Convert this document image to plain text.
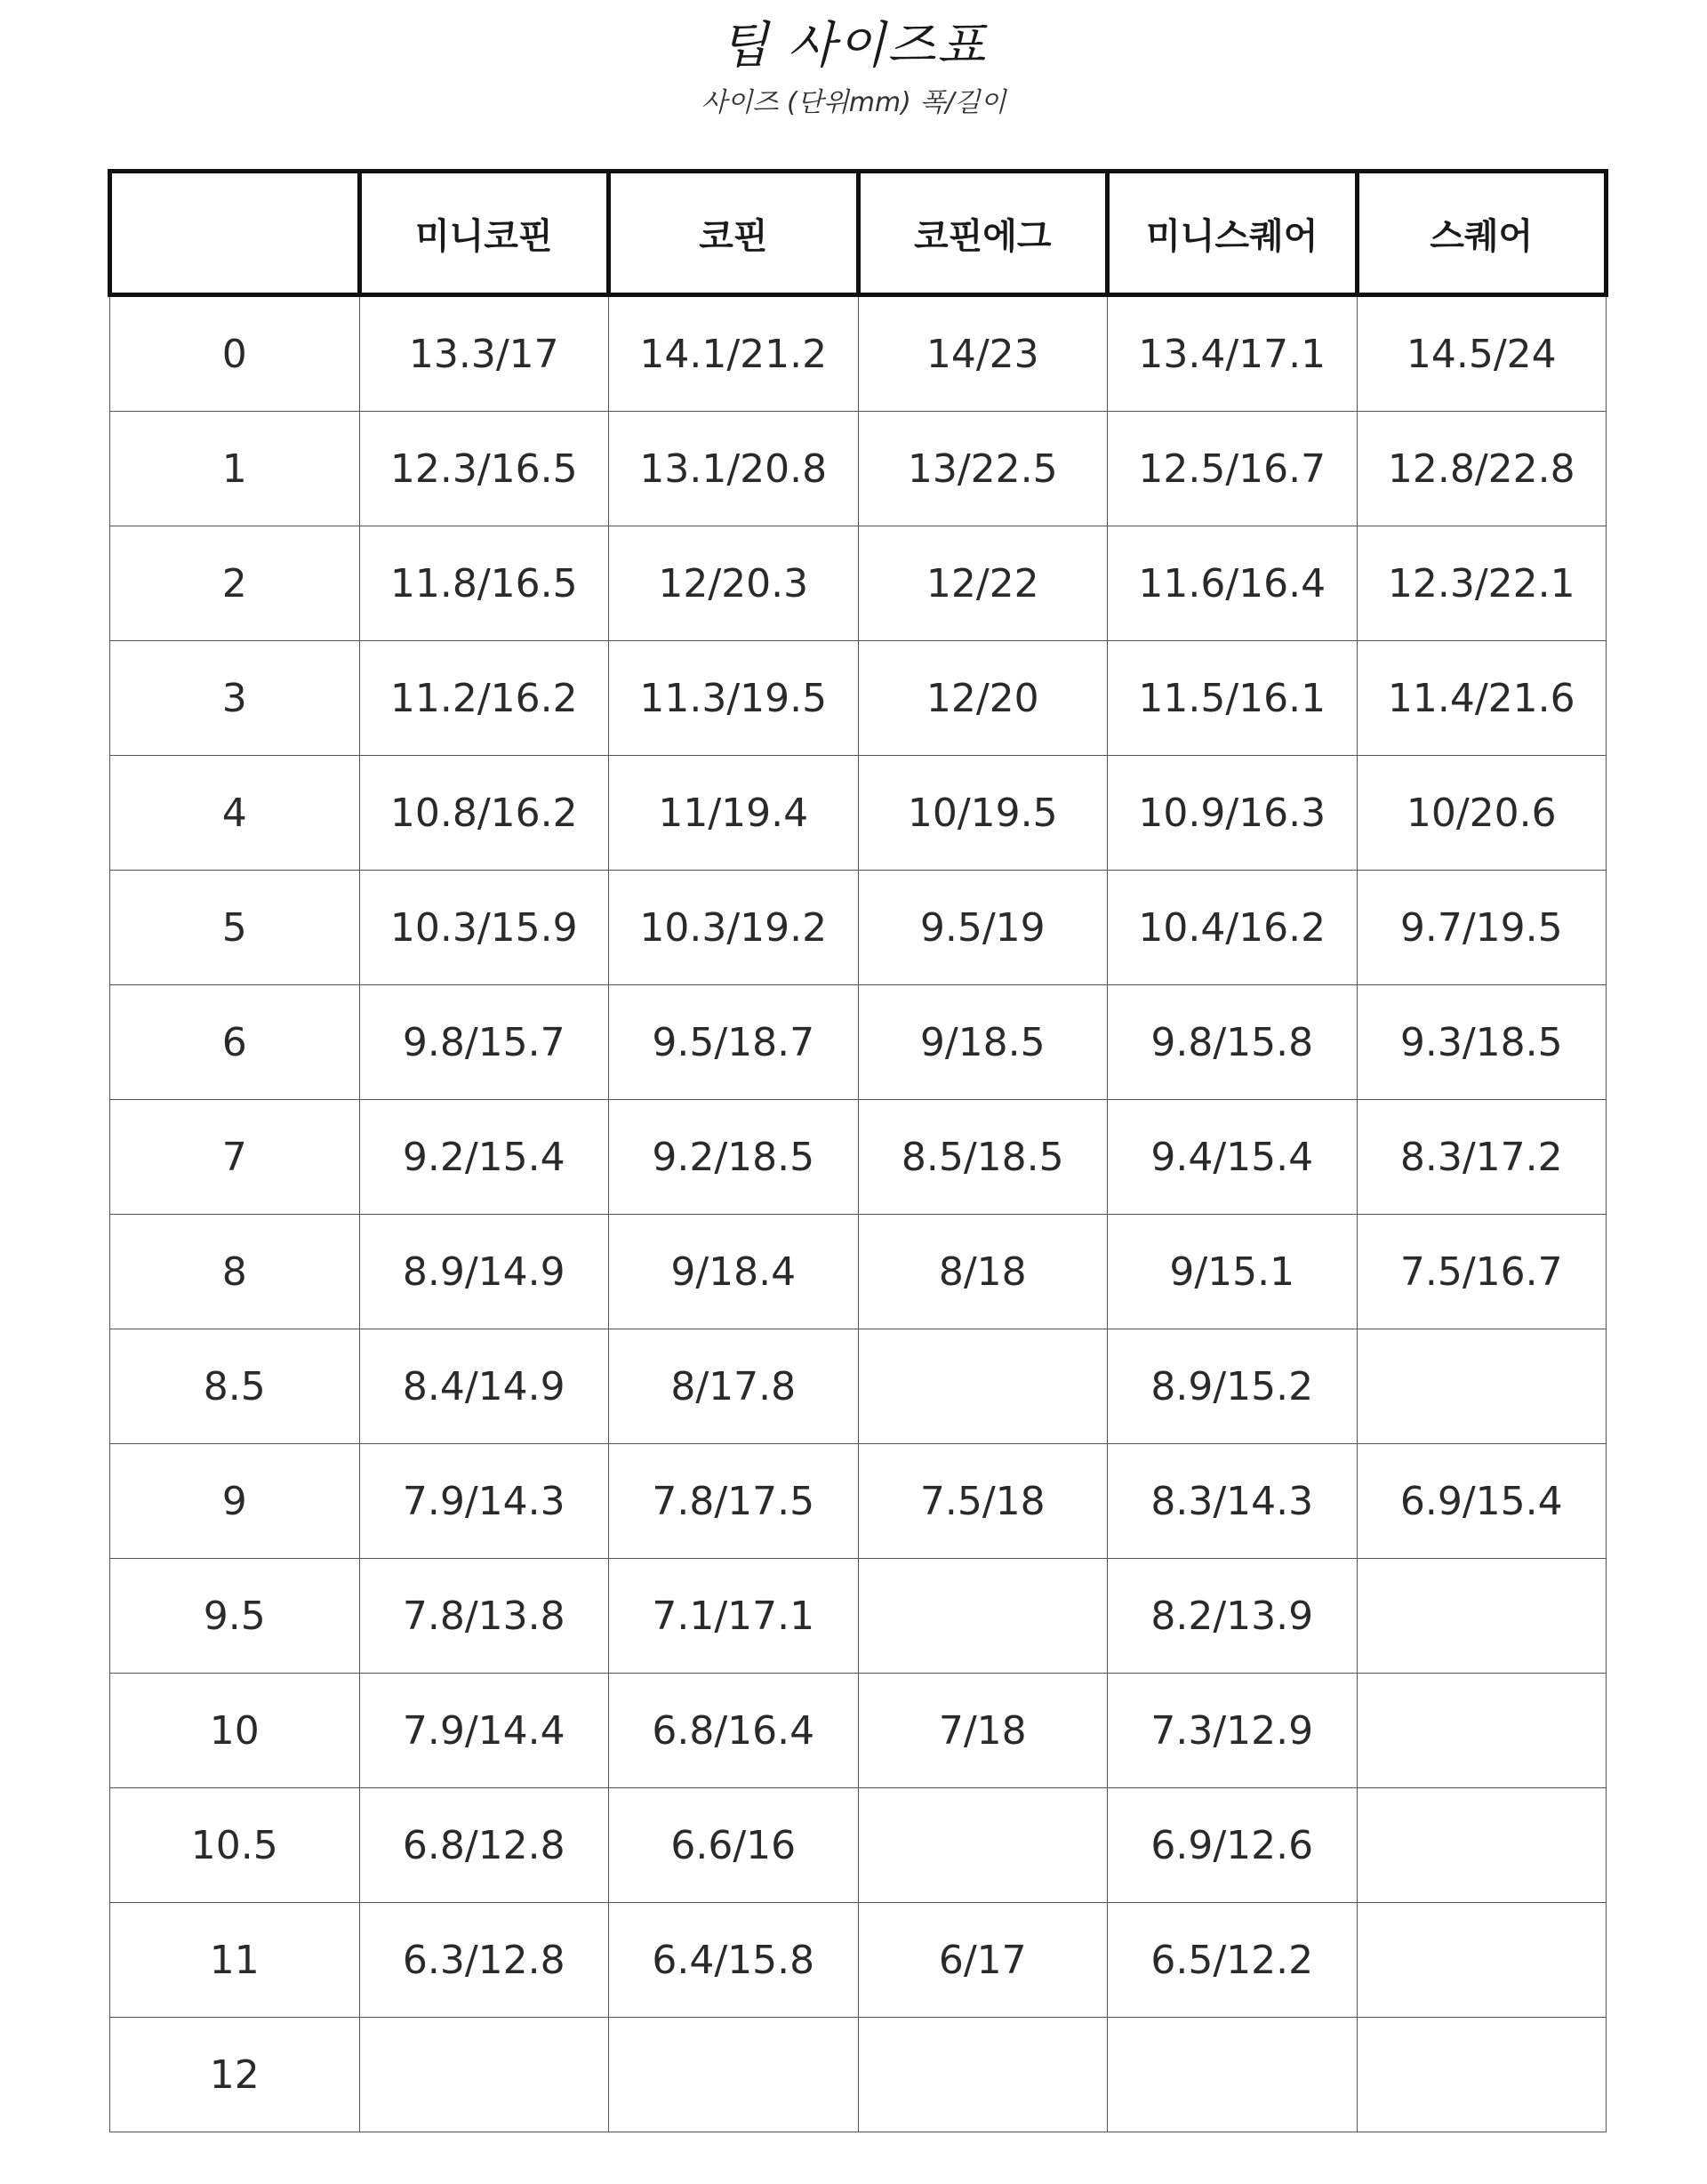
팁 사이즈표
사이즈 (단위mm) 폭/길이
	미니코핀	코핀	코핀에그	미니스퀘어	스퀘어
0	13.3/17	14.1/21.2	14/23	13.4/17.1	14.5/24
1	12.3/16.5	13.1/20.8	13/22.5	12.5/16.7	12.8/22.8
2	11.8/16.5	12/20.3	12/22	11.6/16.4	12.3/22.1
3	11.2/16.2	11.3/19.5	12/20	11.5/16.1	11.4/21.6
4	10.8/16.2	11/19.4	10/19.5	10.9/16.3	10/20.6
5	10.3/15.9	10.3/19.2	9.5/19	10.4/16.2	9.7/19.5
6	9.8/15.7	9.5/18.7	9/18.5	9.8/15.8	9.3/18.5
7	9.2/15.4	9.2/18.5	8.5/18.5	9.4/15.4	8.3/17.2
8	8.9/14.9	9/18.4	8/18	9/15.1	7.5/16.7
8.5	8.4/14.9	8/17.8		8.9/15.2	
9	7.9/14.3	7.8/17.5	7.5/18	8.3/14.3	6.9/15.4
9.5	7.8/13.8	7.1/17.1		8.2/13.9	
10	7.9/14.4	6.8/16.4	7/18	7.3/12.9	
10.5	6.8/12.8	6.6/16		6.9/12.6	
11	6.3/12.8	6.4/15.8	6/17	6.5/12.2	
12					
